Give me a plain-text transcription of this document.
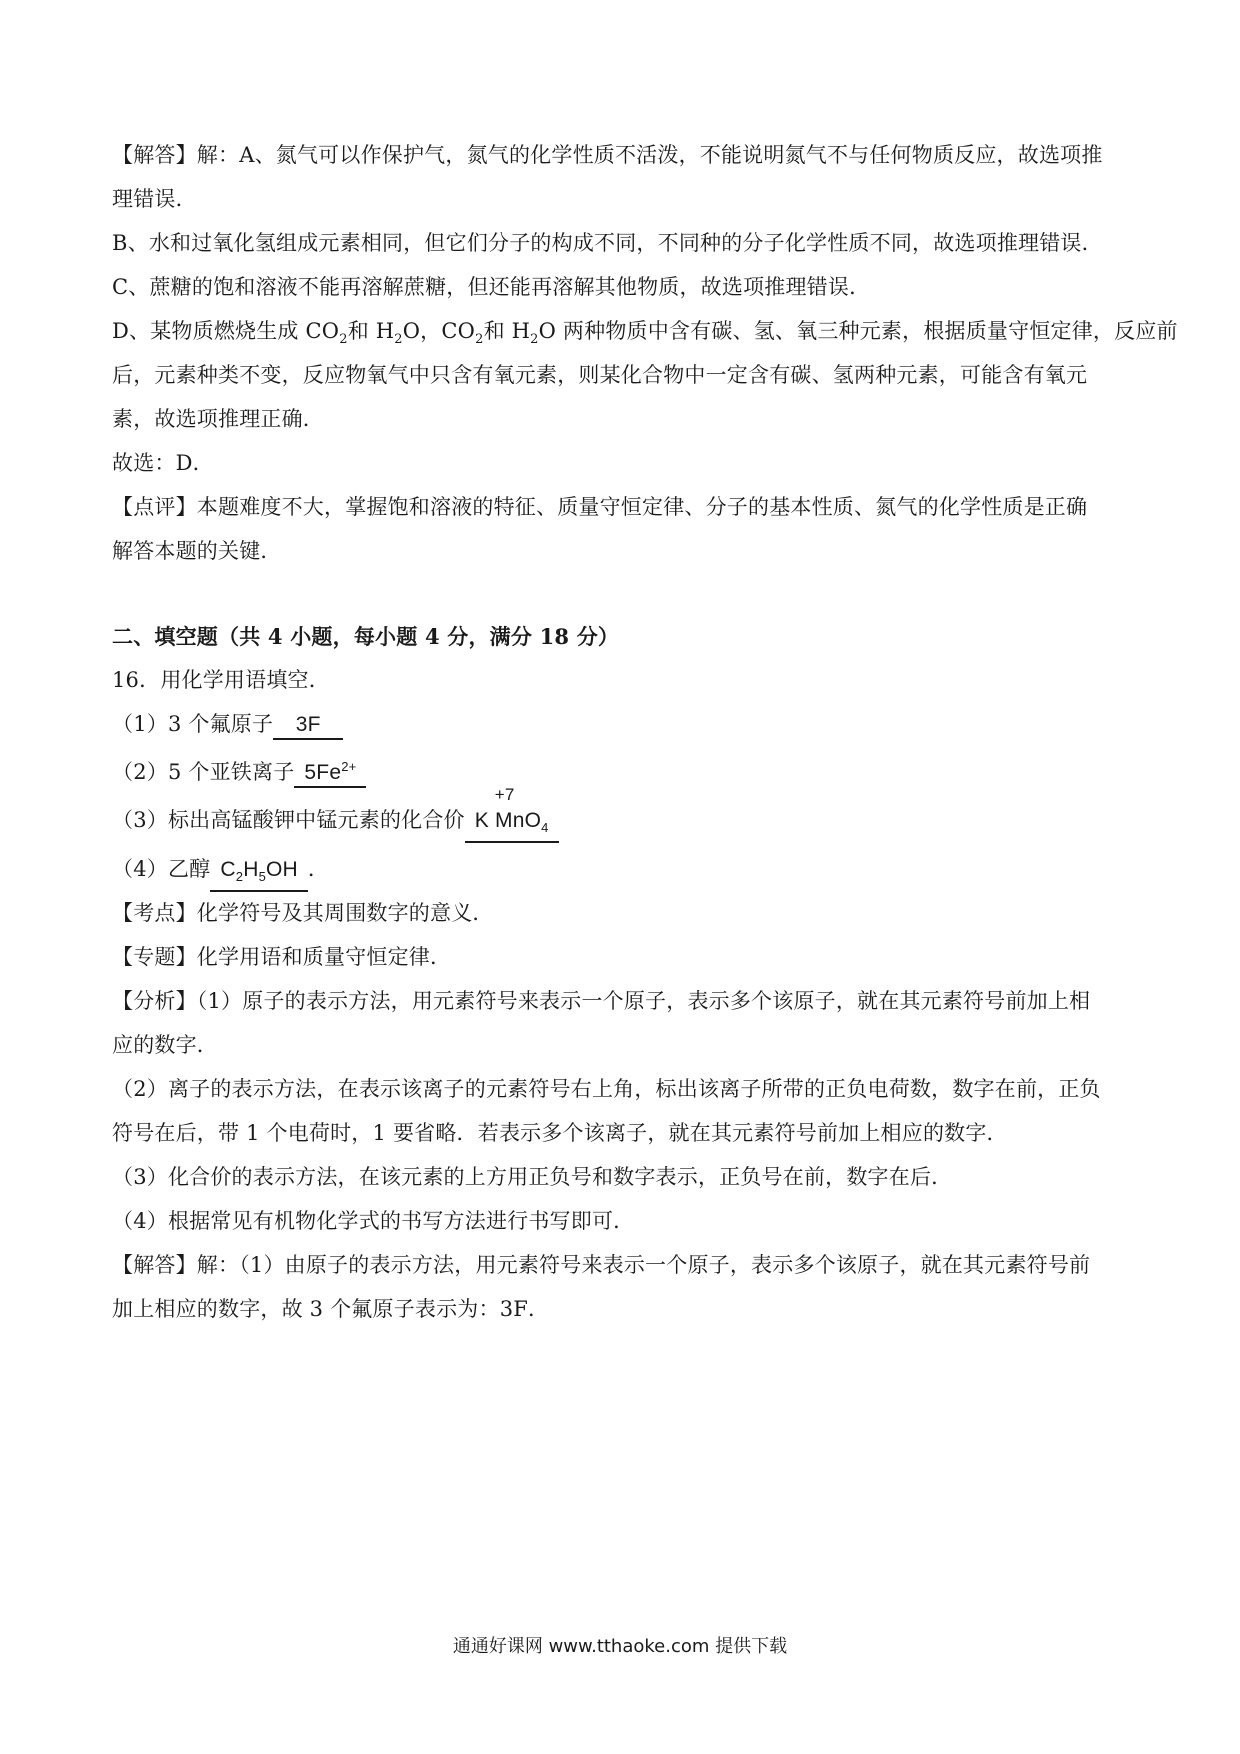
【解答】解：A、氮气可以作保护气，氮气的化学性质不活泼，不能说明氮气不与任何物质反应，故选项推
理错误．
B、水和过氧化氢组成元素相同，但它们分子的构成不同，不同种的分子化学性质不同，故选项推理错误．
C、蔗糖的饱和溶液不能再溶解蔗糖，但还能再溶解其他物质，故选项推理错误．
D、某物质燃烧生成 $CO_2$和 $H_2O$，$CO_2$和 $H_2O$ 两种物质中含有碳、氢、氧三种元素，根据质量守恒定律，反应前
后，元素种类不变，反应物氧气中只含有氧元素，则某化合物中一定含有碳、氢两种元素，可能含有氧元
素，故选项推理正确．
故选：D．
【点评】本题难度不大，掌握饱和溶液的特征、质量守恒定律、分子的基本性质、氮气的化学性质是正确
解答本题的关键．
二、填空题（共 4 小题，每小题 4 分，满分 18 分）
16．用化学用语填空．
（1）3 个氟原子 3F
（2）5 个亚铁离子 $5Fe^{2+}$
（3）标出高锰酸钾中锰元素的化合价
+7
K MnO$_4$
（4）乙醇 $C_2H_5OH$ ．
【考点】化学符号及其周围数字的意义．
【专题】化学用语和质量守恒定律．
【分析】（1）原子的表示方法，用元素符号来表示一个原子，表示多个该原子，就在其元素符号前加上相
应的数字．
（2）离子的表示方法，在表示该离子的元素符号右上角，标出该离子所带的正负电荷数，数字在前，正负
符号在后，带 1 个电荷时，1 要省略．若表示多个该离子，就在其元素符号前加上相应的数字．
（3）化合价的表示方法，在该元素的上方用正负号和数字表示，正负号在前，数字在后．
（4）根据常见有机物化学式的书写方法进行书写即可．
【解答】解：（1）由原子的表示方法，用元素符号来表示一个原子，表示多个该原子，就在其元素符号前
加上相应的数字，故 3 个氟原子表示为：3F．
通通好课网 www.tthaoke.com 提供下载
